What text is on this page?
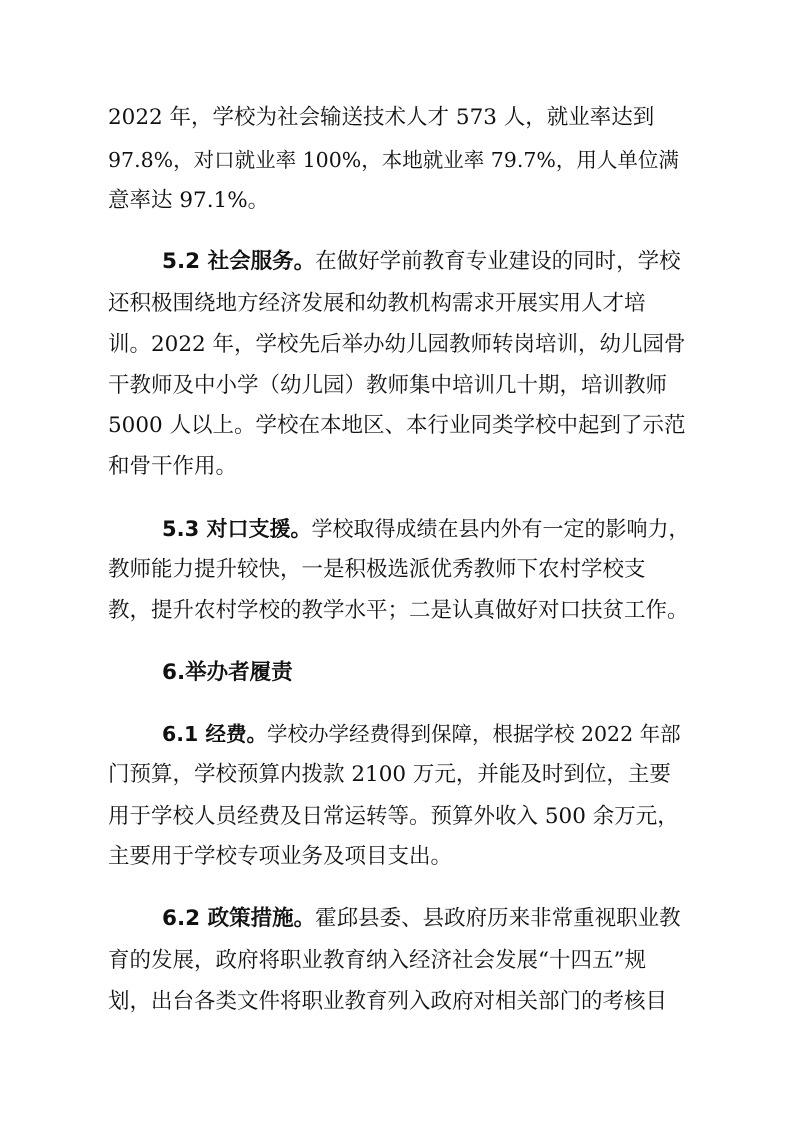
2022 年，学校为社会输送技术人才 573 人，就业率达到
97.8%，对口就业率 100%，本地就业率 79.7%，用人单位满
意率达 97.1%。
5.2 社会服务。在做好学前教育专业建设的同时，学校
还积极围绕地方经济发展和幼教机构需求开展实用人才培
训。2022 年，学校先后举办幼儿园教师转岗培训，幼儿园骨
干教师及中小学（幼儿园）教师集中培训几十期，培训教师
5000 人以上。学校在本地区、本行业同类学校中起到了示范
和骨干作用。
5.3 对口支援。学校取得成绩在县内外有一定的影响力，
教师能力提升较快，一是积极选派优秀教师下农村学校支
教，提升农村学校的教学水平；二是认真做好对口扶贫工作。
6.举办者履责
6.1 经费。学校办学经费得到保障，根据学校 2022 年部
门预算，学校预算内拨款 2100 万元，并能及时到位，主要
用于学校人员经费及日常运转等。预算外收入 500 余万元，
主要用于学校专项业务及项目支出。
6.2 政策措施。霍邱县委、县政府历来非常重视职业教
育的发展，政府将职业教育纳入经济社会发展“十四五”规
划，出台各类文件将职业教育列入政府对相关部门的考核目
